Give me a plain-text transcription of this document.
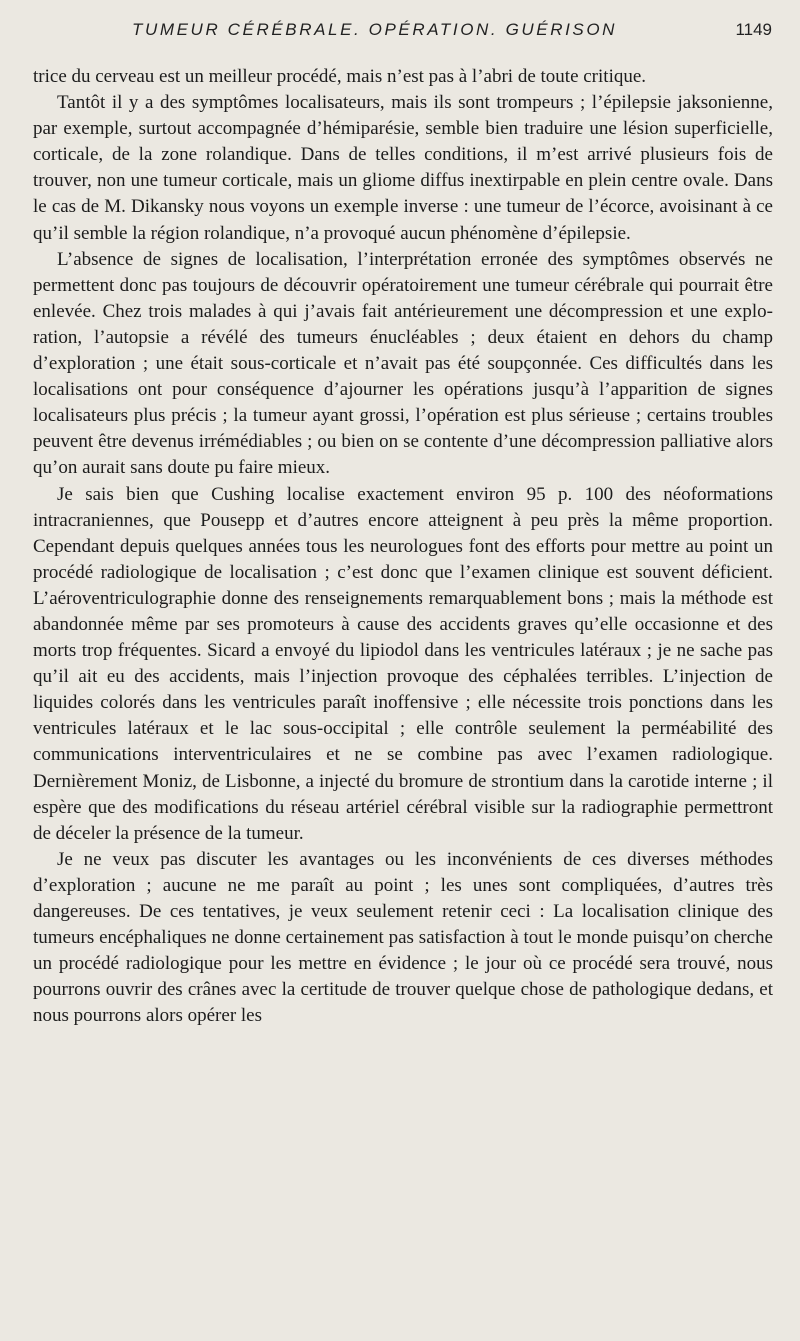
TUMEUR CÉRÉBRALE. OPÉRATION. GUÉRISON	1149

trice du cerveau est un meilleur procédé, mais n’est pas à l’abri de toute critique.

Tantôt il y a des symptômes localisateurs, mais ils sont trompeurs ; l’épilepsie jaksonienne, par exemple, surtout accompagnée d’hémiparésie, semble bien traduire une lésion superficielle, corticale, de la zone rolandique. Dans de telles conditions, il m’est arrivé plusieurs fois de trouver, non une tumeur corticale, mais un gliome diffus inextirpable en plein centre ovale. Dans le cas de M. Dikansky nous voyons un exemple inverse : une tumeur de l’écorce, avoisinant à ce qu’il semble la région rolandique, n’a provoqué aucun phénomène d’épilepsie.

L’absence de signes de localisation, l’interprétation erronée des symptômes observés ne permettent donc pas toujours de découvrir opératoirement une tumeur cérébrale qui pourrait être enlevée. Chez trois malades à qui j’avais fait antérieurement une décompression et une exploration, l’autopsie a révélé des tumeurs énucléables ; deux étaient en dehors du champ d’exploration ; une était sous-corticale et n’avait pas été soupçonnée. Ces difficultés dans les localisations ont pour conséquence d’ajourner les opérations jusqu’à l’apparition de signes localisateurs plus précis ; la tumeur ayant grossi, l’opération est plus sérieuse ; certains troubles peuvent être devenus irrémédiables ; ou bien on se contente d’une décompression palliative alors qu’on aurait sans doute pu faire mieux.

Je sais bien que Cushing localise exactement environ 95 p. 100 des néoformations intracraniennes, que Pousepp et d’autres encore atteignent à peu près la même proportion. Cependant depuis quelques années tous les neurologues font des efforts pour mettre au point un procédé radiologique de localisation ; c’est donc que l’examen clinique est souvent déficient. L’aéroventriculographie donne des renseignements remarquablement bons ; mais la méthode est abandonnée même par ses promoteurs à cause des accidents graves qu’elle occasionne et des morts trop fréquentes. Sicard a envoyé du lipiodol dans les ventricules latéraux ; je ne sache pas qu’il ait eu des accidents, mais l’injection provoque des céphalées terribles. L’injection de liquides colorés dans les ventricules paraît inoffensive ; elle nécessite trois ponctions dans les ventricules latéraux et le lac sous-occipital ; elle contrôle seulement la perméabilité des communications interventriculaires et ne se combine pas avec l’examen radiologique. Dernièrement Moniz, de Lisbonne, a injecté du bromure de strontium dans la carotide interne ; il espère que des modifications du réseau artériel cérébral visible sur la radiographie permettront de déceler la présence de la tumeur.

Je ne veux pas discuter les avantages ou les inconvénients de ces diverses méthodes d’exploration ; aucune ne me paraît au point ; les unes sont compliquées, d’autres très dangereuses. De ces tentatives, je veux seulement retenir ceci : La localisation clinique des tumeurs encéphaliques ne donne certainement pas satisfaction à tout le monde puisqu’on cherche un procédé radiologique pour les mettre en évidence ; le jour où ce procédé sera trouvé, nous pourrons ouvrir des crânes avec la certitude de trouver quelque chose de pathologique dedans, et nous pourrons alors opérer les
